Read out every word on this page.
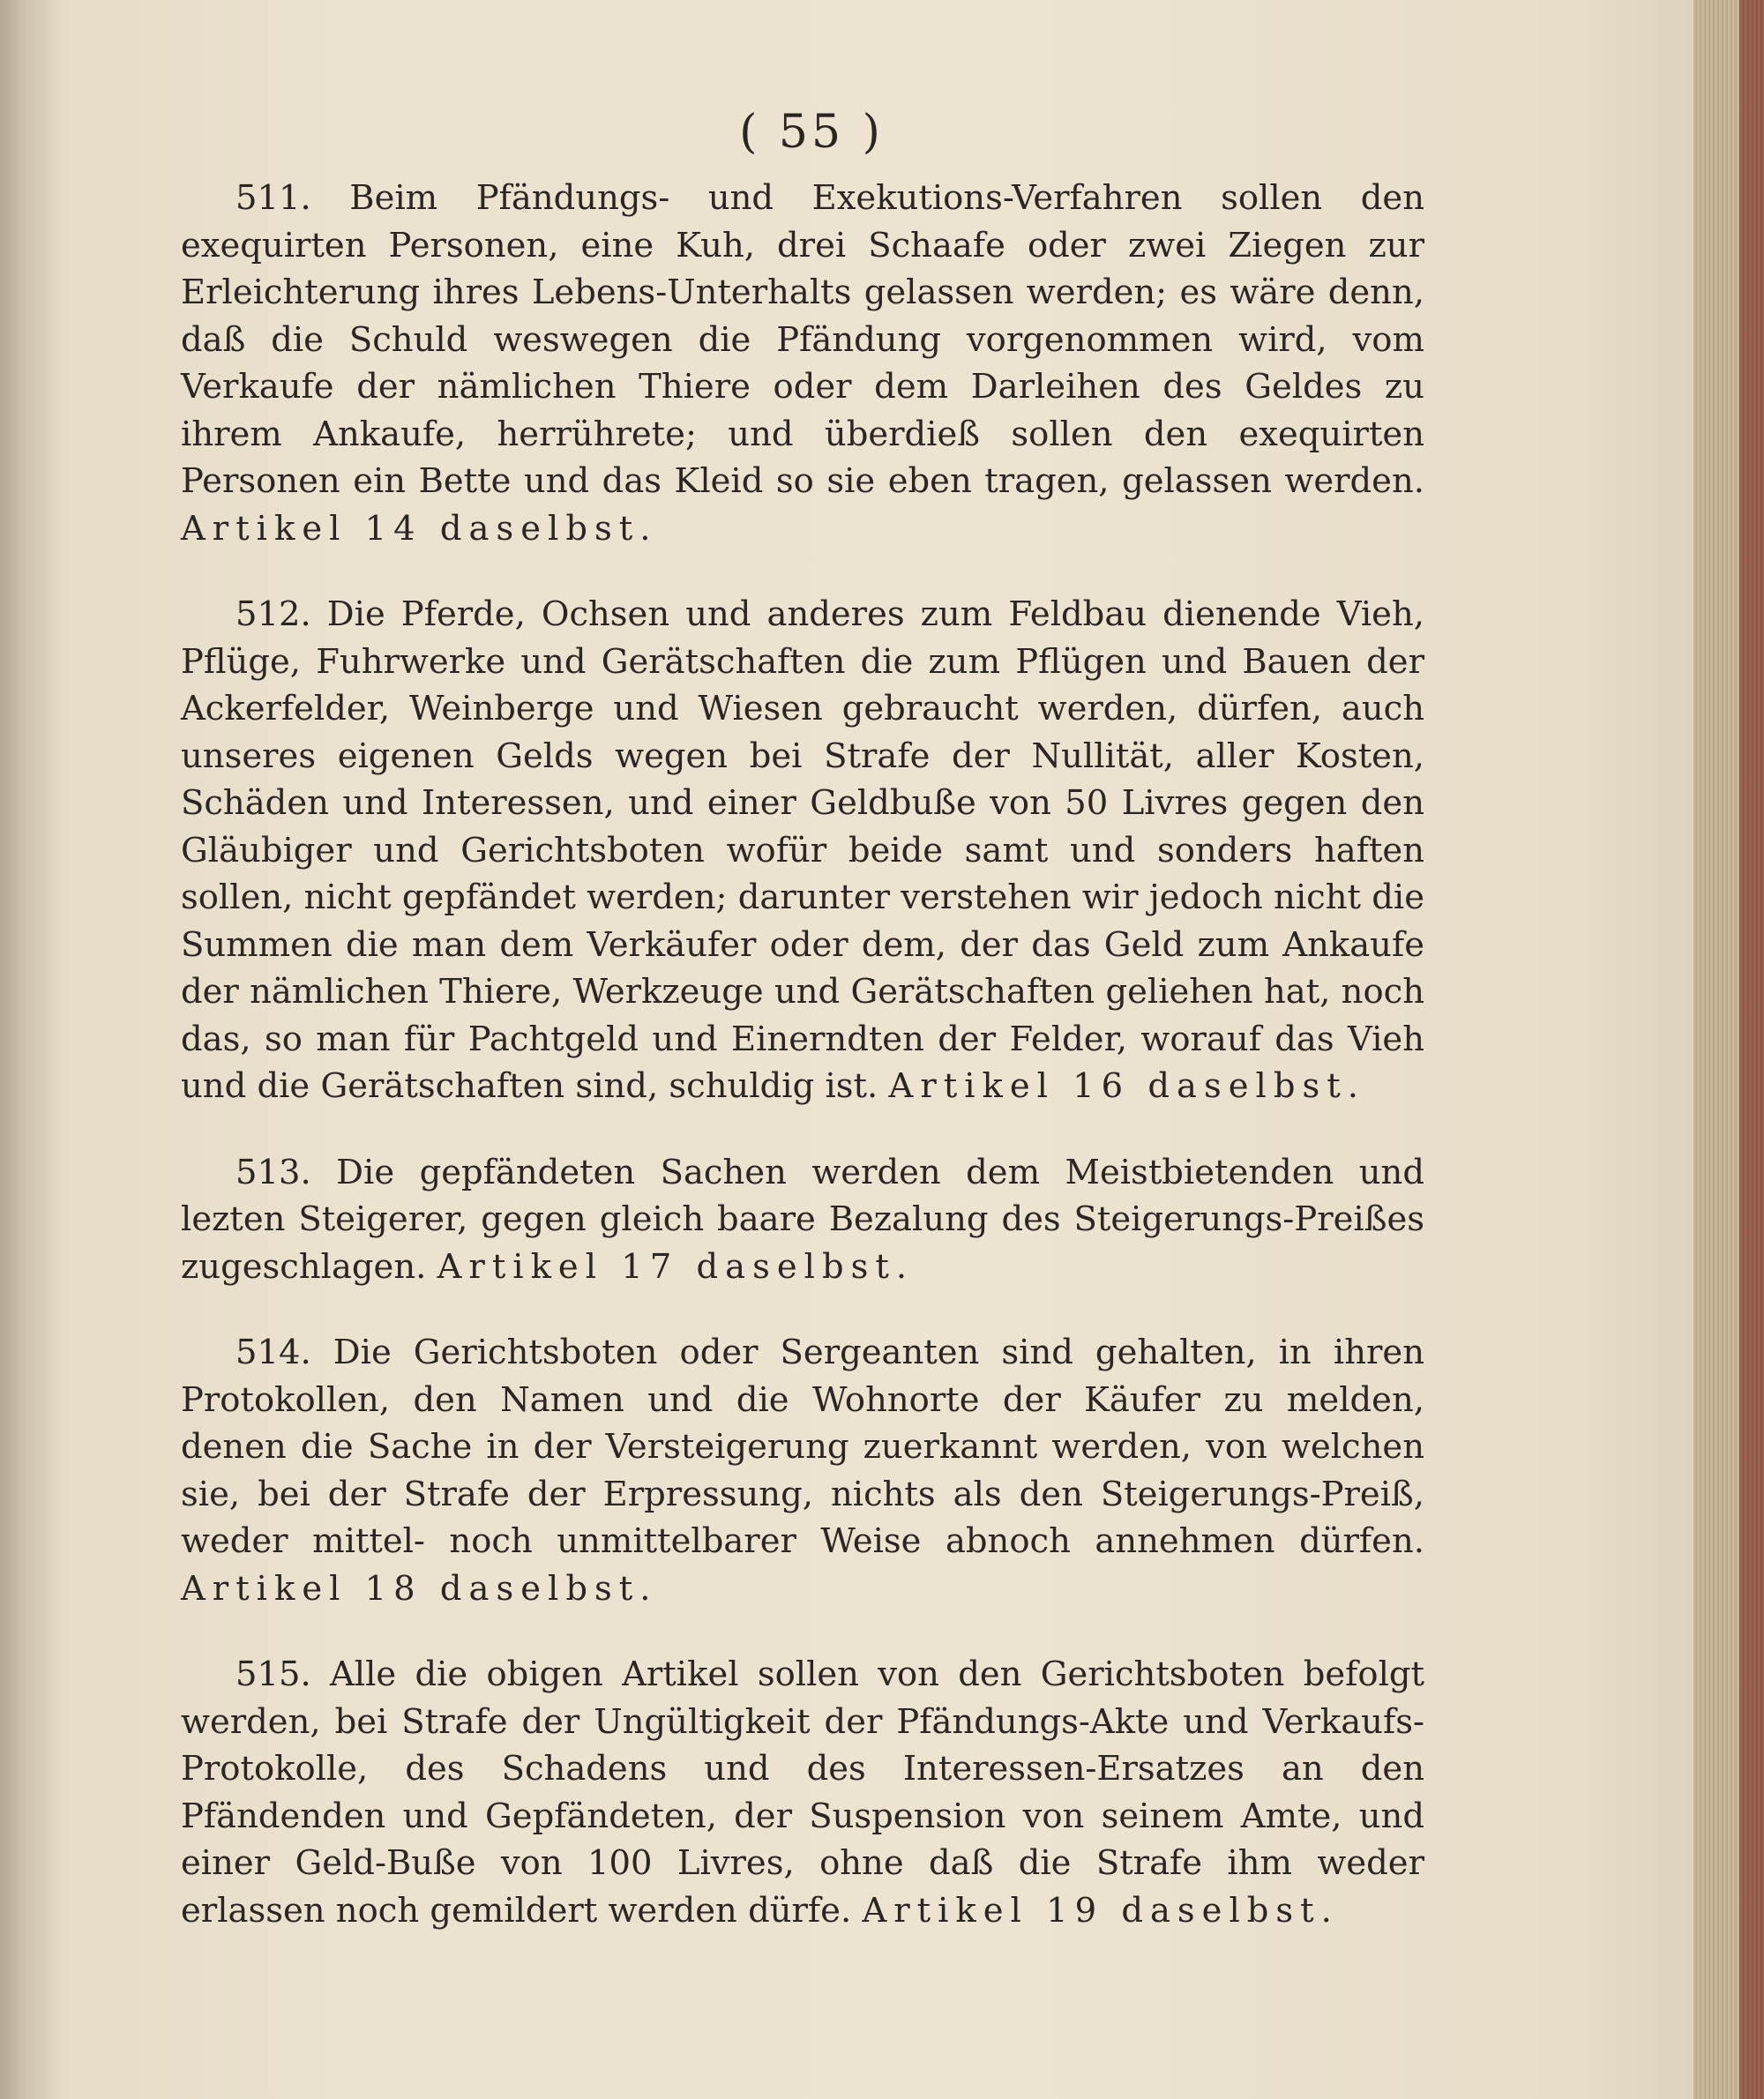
( 55 )

511. Beim Pfändungs- und Exekutions-Verfahren sollen den exequirten Personen, eine Kuh, drei Schaafe oder zwei Ziegen zur Erleichterung ihres Lebens-Unterhalts gelassen werden; es wäre denn, daß die Schuld weswegen die Pfändung vorgenommen wird, vom Verkaufe der nämlichen Thiere oder dem Darleihen des Geldes zu ihrem Ankaufe, herrührete; und überdieß sollen den exequirten Personen ein Bette und das Kleid so sie eben tragen, gelassen werden. Artikel 14 daselbst.

512. Die Pferde, Ochsen und anderes zum Feldbau dienende Vieh, Pflüge, Fuhrwerke und Gerätschaften die zum Pflügen und Bauen der Ackerfelder, Weinberge und Wiesen gebraucht werden, dürfen, auch unseres eigenen Gelds wegen bei Strafe der Nullität, aller Kosten, Schäden und Interessen, und einer Geldbuße von 50 Livres gegen den Gläubiger und Gerichtsboten wofür beide samt und sonders haften sollen, nicht gepfändet werden; darunter verstehen wir jedoch nicht die Summen die man dem Verkäufer oder dem, der das Geld zum Ankaufe der nämlichen Thiere, Werkzeuge und Gerätschaften geliehen hat, noch das, so man für Pachtgeld und Einerndten der Felder, worauf das Vieh und die Gerätschaften sind, schuldig ist. Artikel 16 daselbst.

513. Die gepfändeten Sachen werden dem Meistbietenden und lezten Steigerer, gegen gleich baare Bezalung des Steigerungs-Preißes zugeschlagen. Artikel 17 daselbst.

514. Die Gerichtsboten oder Sergeanten sind gehalten, in ihren Protokollen, den Namen und die Wohnorte der Käufer zu melden, denen die Sache in der Versteigerung zuerkannt werden, von welchen sie, bei der Strafe der Erpressung, nichts als den Steigerungs-Preiß, weder mittel- noch unmittelbarer Weise abnoch annehmen dürfen. Artikel 18 daselbst.

515. Alle die obigen Artikel sollen von den Gerichtsboten befolgt werden, bei Strafe der Ungültigkeit der Pfändungs-Akte und Verkaufs-Protokolle, des Schadens und des Interessen-Ersatzes an den Pfändenden und Gepfändeten, der Suspension von seinem Amte, und einer Geld-Buße von 100 Livres, ohne daß die Strafe ihm weder erlassen noch gemildert werden dürfe. Artikel 19 daselbst.
